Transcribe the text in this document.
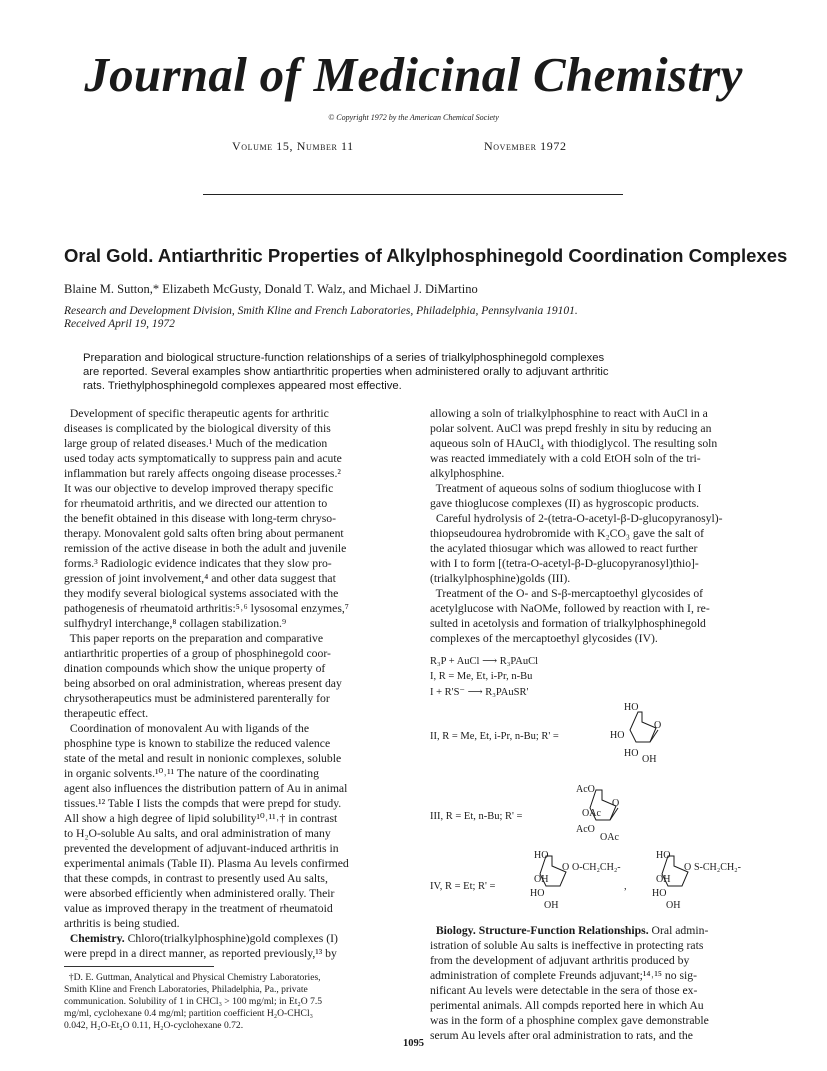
Journal of Medicinal Chemistry
© Copyright 1972 by the American Chemical Society
Volume 15, Number 11	November 1972
Oral Gold. Antiarthritic Properties of Alkylphosphinegold Coordination Complexes
Blaine M. Sutton,* Elizabeth McGusty, Donald T. Walz, and Michael J. DiMartino
Research and Development Division, Smith Kline and French Laboratories, Philadelphia, Pennsylvania 19101.
Received April 19, 1972
Preparation and biological structure-function relationships of a series of trialkylphosphinegold complexes
are reported. Several examples show antiarthritic properties when administered orally to adjuvant arthritic
rats. Triethylphosphinegold complexes appeared most effective.
Development of specific therapeutic agents for arthritic
diseases is complicated by the biological diversity of this
large group of related diseases.¹ Much of the medication
used today acts symptomatically to suppress pain and acute
inflammation but rarely affects ongoing disease processes.²
It was our objective to develop improved therapy specific
for rheumatoid arthritis, and we directed our attention to
the benefit obtained in this disease with long-term chryso-
therapy. Monovalent gold salts often bring about permanent
remission of the active disease in both the adult and juvenile
forms.³ Radiologic evidence indicates that they slow pro-
gression of joint involvement,⁴ and other data suggest that
they modify several biological systems associated with the
pathogenesis of rheumatoid arthritis:⁵˒⁶ lysosomal enzymes,⁷
sulfhydryl interchange,⁸ collagen stabilization.⁹
This paper reports on the preparation and comparative
antiarthritic properties of a group of phosphinegold coor-
dination compounds which show the unique property of
being absorbed on oral administration, whereas present day
chrysotherapeutics must be administered parenterally for
therapeutic effect.
Coordination of monovalent Au with ligands of the
phosphine type is known to stabilize the reduced valence
state of the metal and result in nonionic complexes, soluble
in organic solvents.¹⁰˒¹¹ The nature of the coordinating
agent also influences the distribution pattern of Au in animal
tissues.¹² Table I lists the compds that were prepd for study.
All show a high degree of lipid solubility¹⁰˒¹¹˒† in contrast
to H₂O-soluble Au salts, and oral administration of many
prevented the development of adjuvant-induced arthritis in
experimental animals (Table II). Plasma Au levels confirmed
that these compds, in contrast to presently used Au salts,
were absorbed efficiently when administered orally. Their
value as improved therapy in the treatment of rheumatoid
arthritis is being studied.
Chemistry. Chloro(trialkylphosphine)gold complexes (I)
were prepd in a direct manner, as reported previously,¹³ by
†D. E. Guttman, Analytical and Physical Chemistry Laboratories,
Smith Kline and French Laboratories, Philadelphia, Pa., private
communication. Solubility of 1 in CHCl₃ > 100 mg/ml; in Et₂O 7.5
mg/ml, cyclohexane 0.4 mg/ml; partition coefficient H₂O-CHCl₃
0.042, H₂O-Et₂O 0.11, H₂O-cyclohexane 0.72.
allowing a soln of trialkylphosphine to react with AuCl in a
polar solvent. AuCl was prepd freshly in situ by reducing an
aqueous soln of HAuCl₄ with thiodiglycol. The resulting soln
was reacted immediately with a cold EtOH soln of the tri-
alkylphosphine.
Treatment of aqueous solns of sodium thioglucose with I
gave thioglucose complexes (II) as hygroscopic products.
Careful hydrolysis of 2-(tetra-O-acetyl-β-D-glucopyranosyl)-
thiopseudourea hydrobromide with K₂CO₃ gave the salt of
the acylated thiosugar which was allowed to react further
with I to form [(tetra-O-acetyl-β-D-glucopyranosyl)thio]-
(trialkylphosphine)golds (III).
Treatment of the O- and S-β-mercaptoethyl glycosides of
acetylglucose with NaOMe, followed by reaction with I, re-
sulted in acetolysis and formation of trialkylphosphinegold
complexes of the mercaptoethyl glycosides (IV).
R₃P + AuCl ⟶ R₃PAuCl
I, R = Me, Et, i-Pr, n-Bu
I + R'S⁻ ⟶ R₃PAuSR'
II, R = Me, Et, i-Pr, n-Bu; R' =
HO
O
HO
HO
OH
III, R = Et, n-Bu; R' =
AcO
O
OAc
AcO
OAc
IV, R = Et; R' =
HO
O O-CH₂CH₂-
OH
HO
OH
,
HO
O S-CH₂CH₂-
OH
HO
OH
Biology. Structure-Function Relationships. Oral admin-
istration of soluble Au salts is ineffective in protecting rats
from the development of adjuvant arthritis produced by
administration of complete Freunds adjuvant;¹⁴˒¹⁵ no sig-
nificant Au levels were detectable in the sera of those ex-
perimental animals. All compds reported here in which Au
was in the form of a phosphine complex gave demonstrable
serum Au levels after oral administration to rats, and the
1095
